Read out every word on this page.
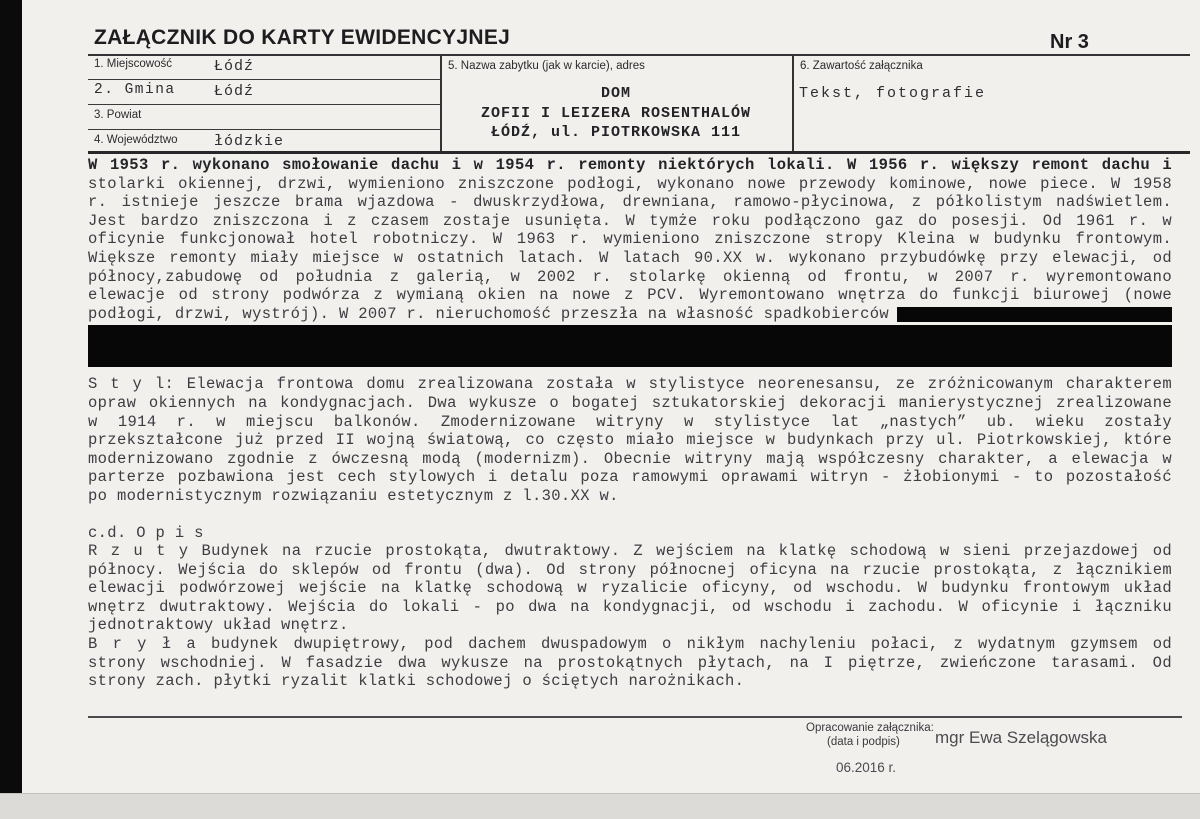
ZAŁĄCZNIK DO KARTY EWIDENCYJNEJ	Nr 3
1. Miejscowość	Łódź
2. Gmina	Łódź
3. Powiat
4. Województwo łódzkie
5. Nazwa zabytku (jak w karcie), adres
DOM
ZOFII I LEIZERA ROSENTHALÓW
ŁÓDŹ, ul. PIOTRKOWSKA 111
6. Zawartość załącznika
Tekst, fotografie
W 1953 r. wykonano smołowanie dachu i w 1954 r. remonty niektórych lokali. W 1956 r. większy remont dachu i
stolarki okiennej, drzwi, wymieniono zniszczone podłogi, wykonano nowe przewody kominowe, nowe piece. W 1958
r. istnieje jeszcze brama wjazdowa - dwuskrzydłowa, drewniana, ramowo-płycinowa, z półkolistym nadświetlem.
Jest bardzo zniszczona i z czasem zostaje usunięta. W tymże roku podłączono gaz do posesji. Od 1961 r. w
oficynie funkcjonował hotel robotniczy. W 1963 r. wymieniono zniszczone stropy Kleina w budynku frontowym.
Większe remonty miały miejsce w ostatnich latach. W latach 90.XX w. wykonano przybudówkę przy elewacji, od
północy,zabudowę od południa z galerią, w 2002 r. stolarkę okienną od frontu, w 2007 r. wyremontowano
elewacje od strony podwórza z wymianą okien na nowe z PCV. Wyremontowano wnętrza do funkcji biurowej (nowe
podłogi, drzwi, wystrój). W 2007 r. nieruchomość przeszła na własność spadkobierców
S t y l: Elewacja frontowa domu zrealizowana została w stylistyce neorenesansu, ze zróżnicowanym charakterem
opraw okiennych na kondygnacjach. Dwa wykusze o bogatej sztukatorskiej dekoracji manierystycznej zrealizowane
w 1914 r. w miejscu balkonów. Zmodernizowane witryny w stylistyce lat „nastych” ub. wieku zostały
przekształcone już przed II wojną światową, co często miało miejsce w budynkach przy ul. Piotrkowskiej, które
modernizowano zgodnie z ówczesną modą (modernizm). Obecnie witryny mają współczesny charakter, a elewacja w
parterze pozbawiona jest cech stylowych i detalu poza ramowymi oprawami witryn - żłobionymi - to pozostałość
po modernistycznym rozwiązaniu estetycznym z l.30.XX w.
c.d. O p i s
R z u t y Budynek na rzucie prostokąta, dwutraktowy. Z wejściem na klatkę schodową w sieni przejazdowej od
północy. Wejścia do sklepów od frontu (dwa). Od strony północnej oficyna na rzucie prostokąta, z łącznikiem
elewacji podwórzowej wejście na klatkę schodową w ryzalicie oficyny, od wschodu. W budynku frontowym układ
wnętrz dwutraktowy. Wejścia do lokali - po dwa na kondygnacji, od wschodu i zachodu. W oficynie i łączniku
jednotraktowy układ wnętrz.
B r y ł a budynek dwupiętrowy, pod dachem dwuspadowym o nikłym nachyleniu połaci, z wydatnym gzymsem od
strony wschodniej. W fasadzie dwa wykusze na prostokątnych płytach, na I piętrze, zwieńczone tarasami. Od
strony zach. płytki ryzalit klatki schodowej o ściętych narożnikach.
Opracowanie załącznika:
(data i podpis) mgr Ewa Szelągowska
06.2016 r.
